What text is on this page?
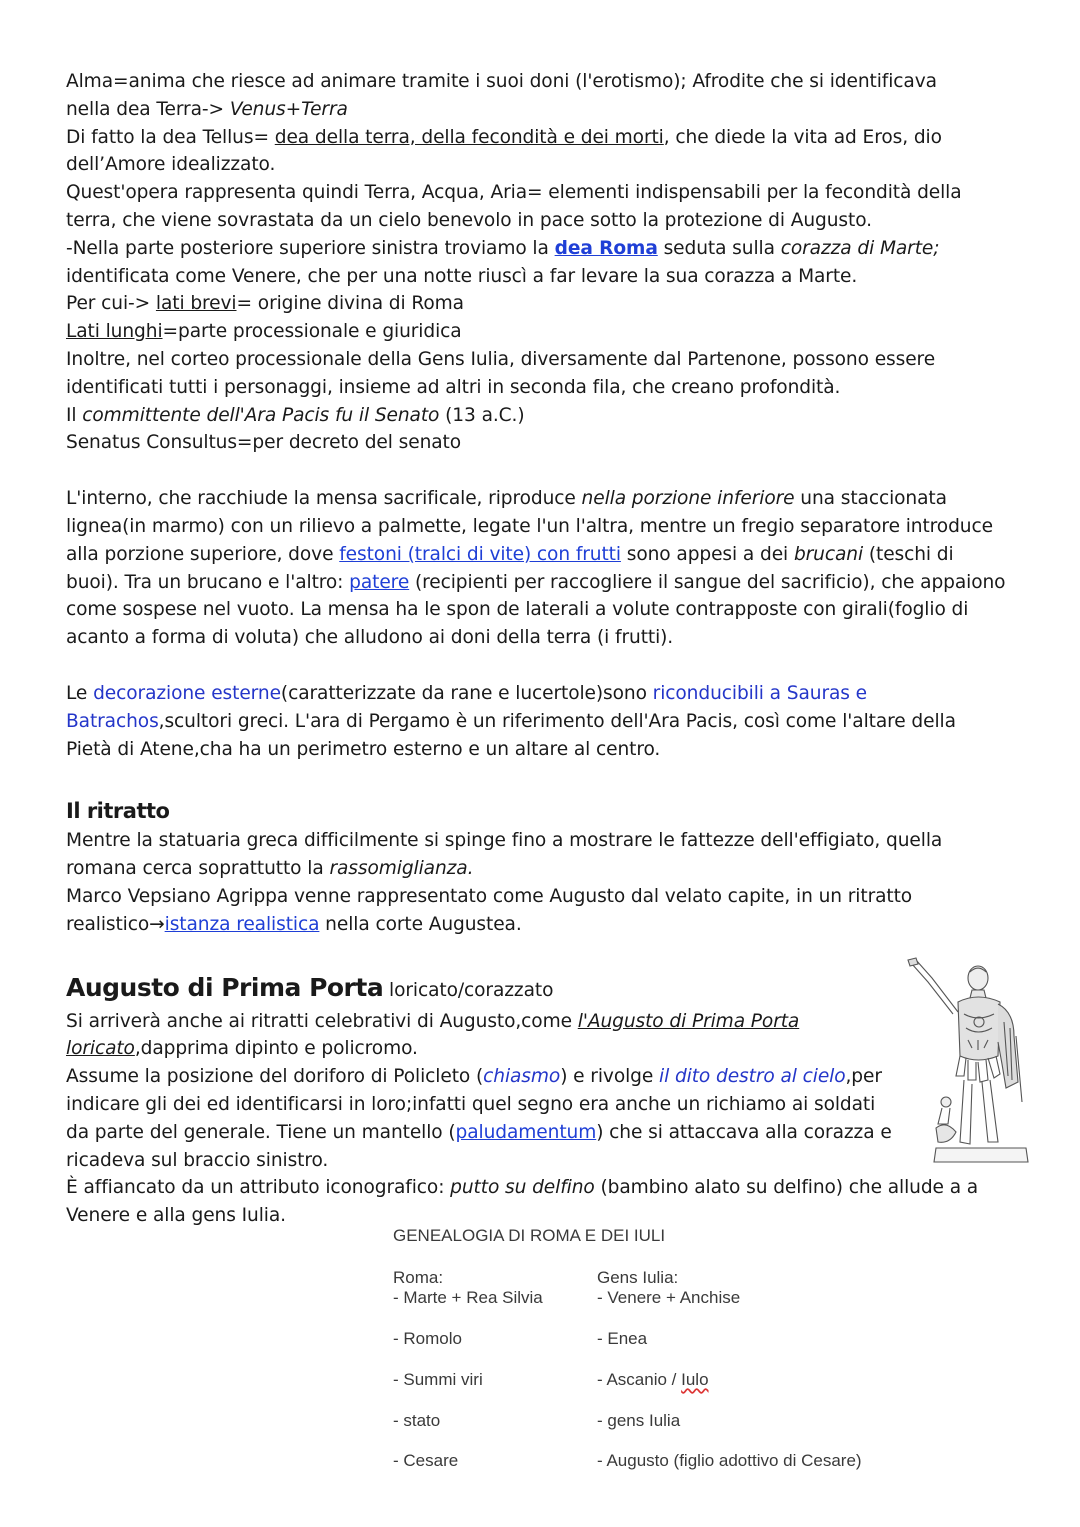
Alma=anima che riesce ad animare tramite i suoi doni (l'erotismo); Afrodite che si identificava

nella dea Terra-> Venus+Terra

Di fatto la dea Tellus= dea della terra, della fecondità e dei morti, che diede la vita ad Eros, dio

dell’Amore idealizzato.

Quest'opera rappresenta quindi Terra, Acqua, Aria= elementi indispensabili per la fecondità della

terra, che viene sovrastata da un cielo benevolo in pace sotto la protezione di Augusto.

-Nella parte posteriore superiore sinistra troviamo la dea Roma seduta sulla corazza di Marte;

identificata come Venere, che per una notte riuscì a far levare la sua corazza a Marte.

Per cui-> lati brevi= origine divina di Roma

Lati lunghi=parte processionale e giuridica

Inoltre, nel corteo processionale della Gens Iulia, diversamente dal Partenone, possono essere

identificati tutti i personaggi, insieme ad altri in seconda fila, che creano profondità.

Il committente dell'Ara Pacis fu il Senato (13 a.C.)

Senatus Consultus=per decreto del senato

L'interno, che racchiude la mensa sacrificale, riproduce nella porzione inferiore una staccionata

lignea(in marmo) con un rilievo a palmette, legate l'un l'altra, mentre un fregio separatore introduce

alla porzione superiore, dove festoni (tralci di vite) con frutti sono appesi a dei brucani (teschi di

buoi). Tra un brucano e l'altro: patere (recipienti per raccogliere il sangue del sacrificio), che appaiono

come sospese nel vuoto. La mensa ha le spon de laterali a volute contrapposte con girali(foglio di

acanto a forma di voluta) che alludono ai doni della terra (i frutti).

Le decorazione esterne(caratterizzate da rane e lucertole)sono riconducibili a Sauras e

Batrachos,scultori greci. L'ara di Pergamo è un riferimento dell'Ara Pacis, così come l'altare della

Pietà di Atene,cha ha un perimetro esterno e un altare al centro.

Il ritratto

Mentre la statuaria greca difficilmente si spinge fino a mostrare le fattezze dell'effigiato, quella

romana cerca soprattutto la rassomiglianza.

Marco Vepsiano Agrippa venne rappresentato come Augusto dal velato capite, in un ritratto

realistico→istanza realistica nella corte Augustea.

Augusto di Prima Porta loricato/corazzato

Si arriverà anche ai ritratti celebrativi di Augusto,come l'Augusto di Prima Porta

loricato,dapprima dipinto e policromo.

Assume la posizione del doriforo di Policleto (chiasmo) e rivolge il dito destro al cielo,per

indicare gli dei ed identificarsi in loro;infatti quel segno era anche un richiamo ai soldati

da parte del generale. Tiene un mantello (paludamentum) che si attaccava alla corazza e

ricadeva sul braccio sinistro.

È affiancato da un attributo iconografico: putto su delfino (bambino alato su delfino) che allude a a

Venere e alla gens Iulia.

GENEALOGIA DI ROMA E DEI IULI
Roma:
- Marte + Rea Silvia
- Romolo
- Summi viri
- stato
- Cesare
Gens Iulia:
- Venere + Anchise
- Enea
- Ascanio / Iulo
- gens Iulia
- Augusto (figlio adottivo di Cesare)
